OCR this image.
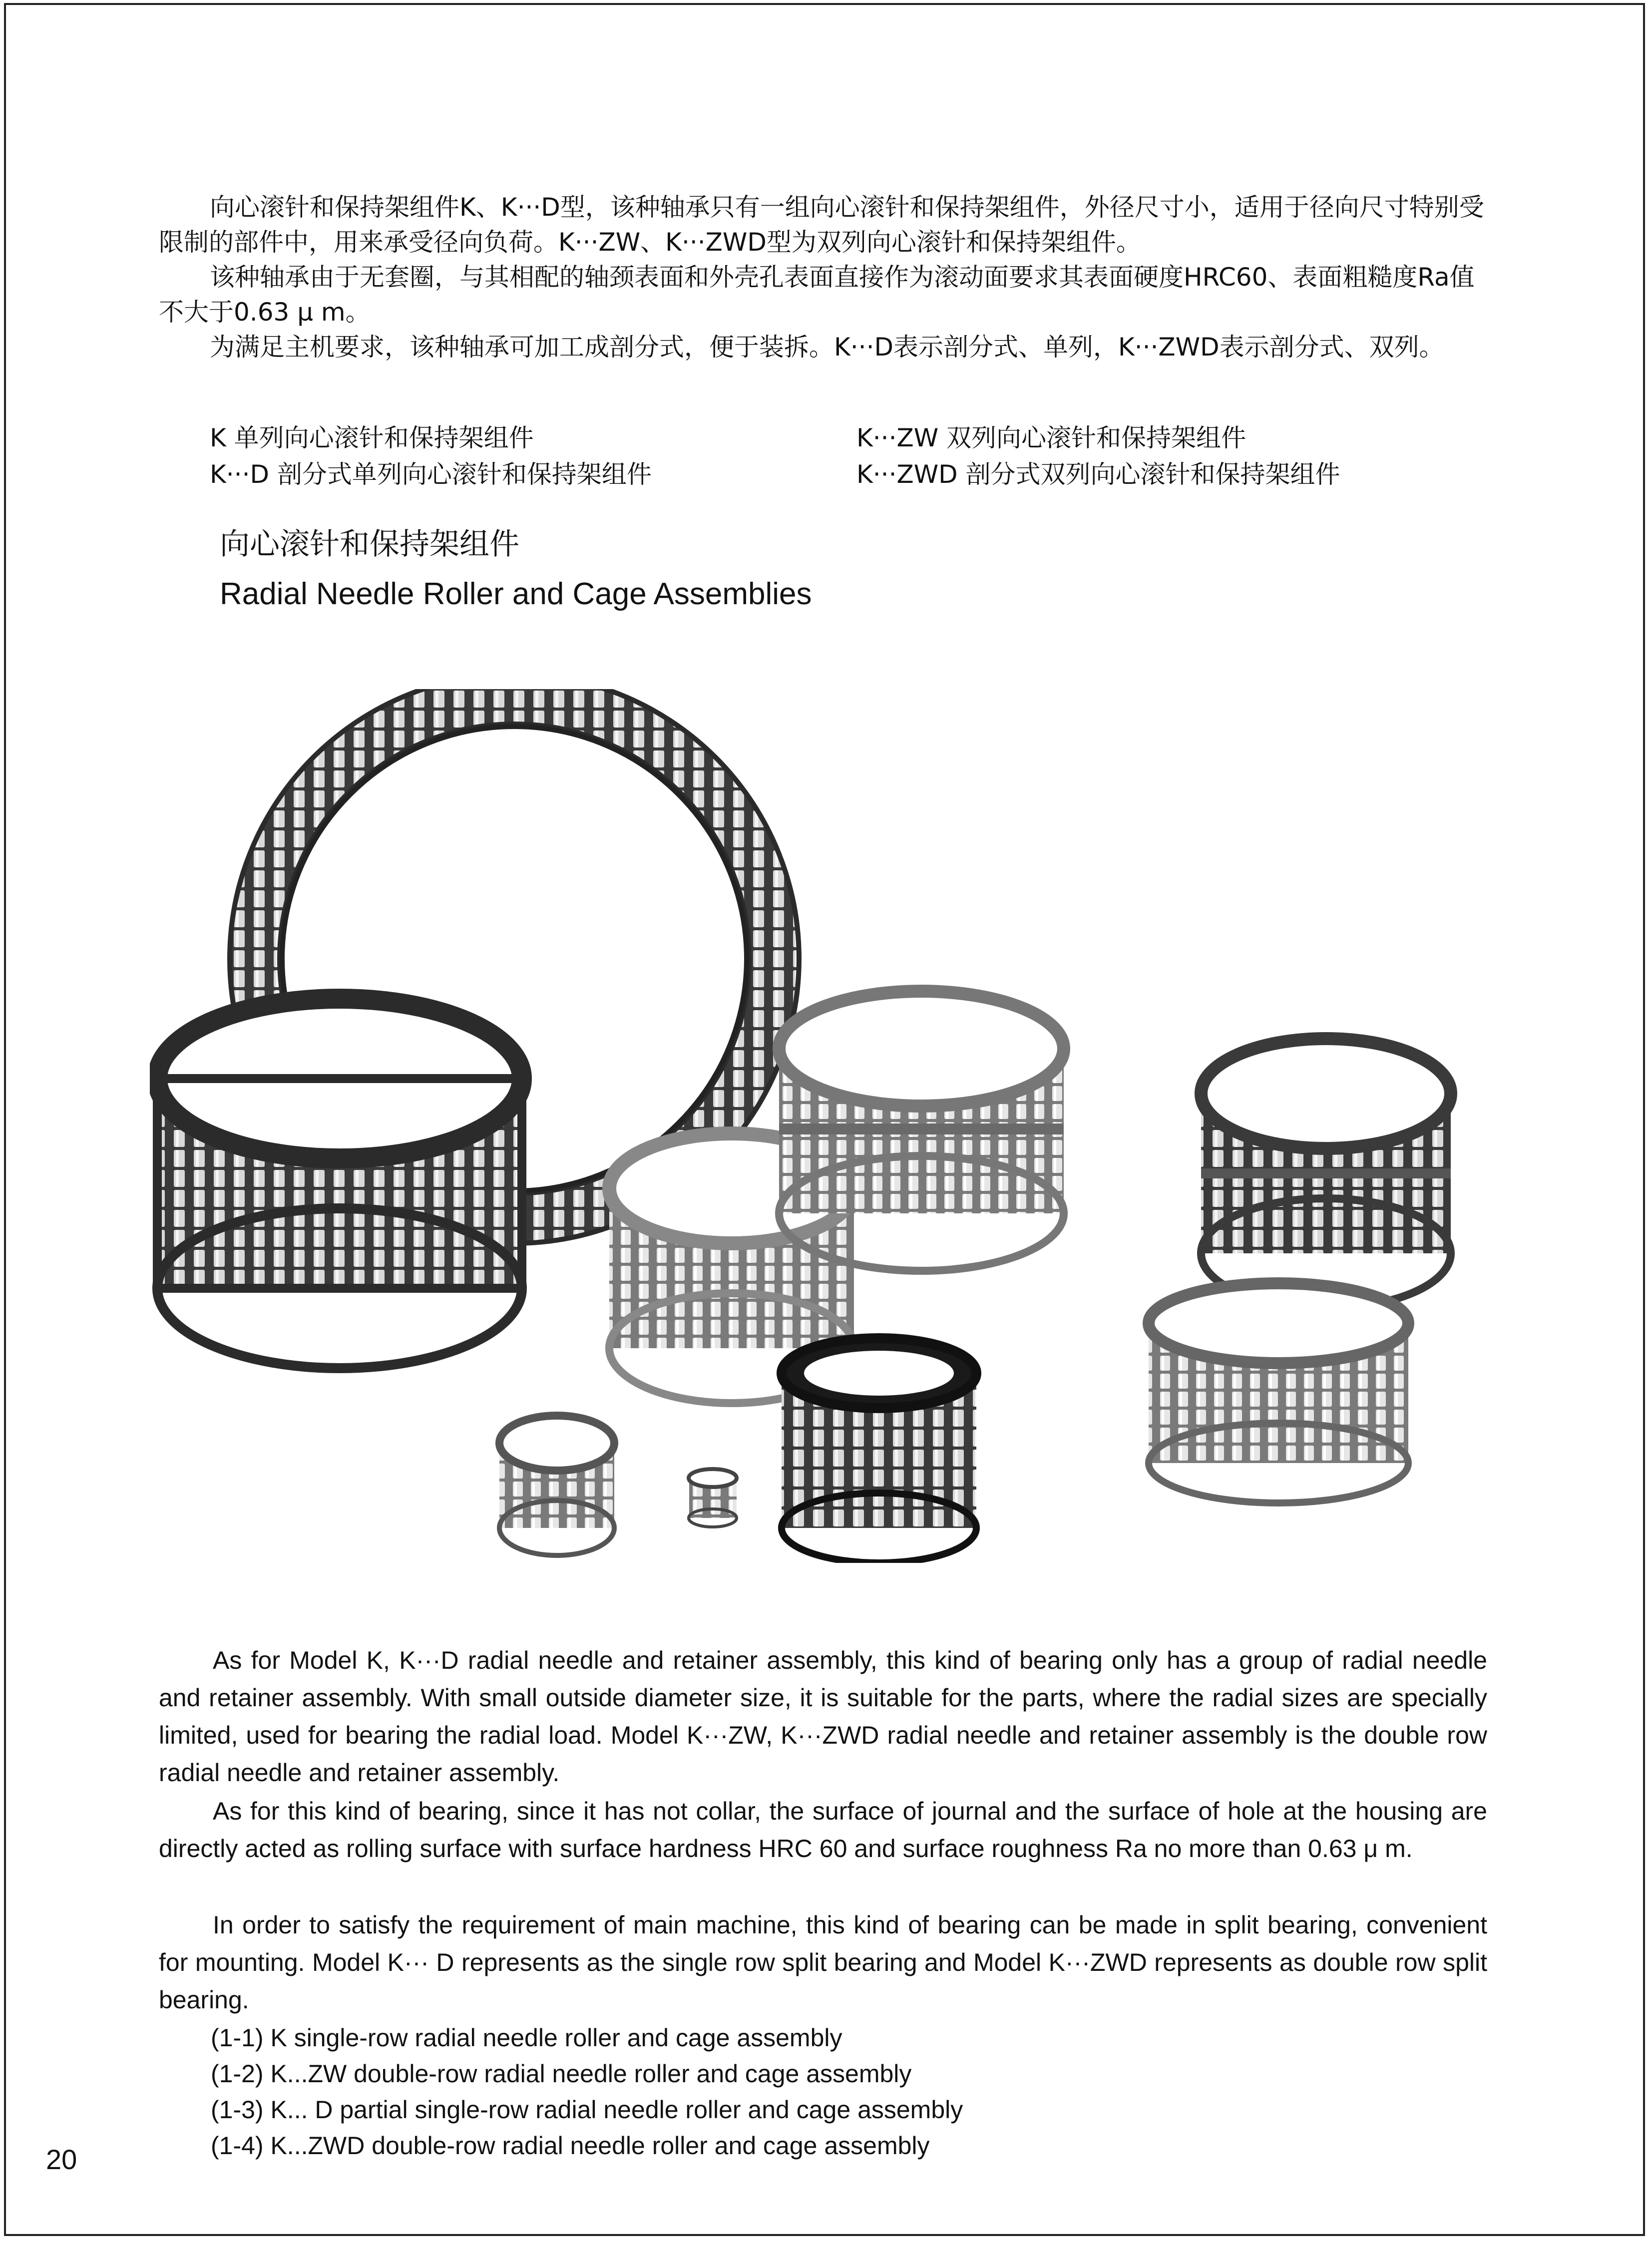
向心滚针和保持架组件K、K···D型，该种轴承只有一组向心滚针和保持架组件，外径尺寸小，适用于径向尺寸特别受限制的部件中，用来承受径向负荷。K···ZW、K···ZWD型为双列向心滚针和保持架组件。

该种轴承由于无套圈，与其相配的轴颈表面和外壳孔表面直接作为滚动面要求其表面硬度HRC60、表面粗糙度Ra值不大于0.63 μ m。

为满足主机要求，该种轴承可加工成剖分式，便于装拆。K···D表示剖分式、单列，K···ZWD表示剖分式、双列。

K 单列向心滚针和保持架组件	K···ZW 双列向心滚针和保持架组件
K···D 剖分式单列向心滚针和保持架组件	K···ZWD 剖分式双列向心滚针和保持架组件
向心滚针和保持架组件
Radial Needle Roller and Cage Assemblies

As for Model K, K···D radial needle and retainer assembly, this kind of bearing only has a group of radial needle and retainer assembly. With small outside diameter size, it is suitable for the parts, where the radial sizes are specially limited, used for bearing the radial load. Model K···ZW, K···ZWD radial needle and retainer assembly is the double row radial needle and retainer assembly.

As for this kind of bearing, since it has not collar, the surface of journal and the surface of hole at the housing are directly acted as rolling surface with surface hardness HRC 60 and surface roughness Ra no more than 0.63 μ m.

In order to satisfy the requirement of main machine, this kind of bearing can be made in split bearing, convenient for mounting. Model K··· D represents as the single row split bearing and Model K···ZWD represents as double row split bearing.

(1-1) K single-row radial needle roller and cage assembly
(1-2) K...ZW double-row radial needle roller and cage assembly
(1-3) K... D partial single-row radial needle roller and cage assembly
(1-4) K...ZWD double-row radial needle roller and cage assembly
20
